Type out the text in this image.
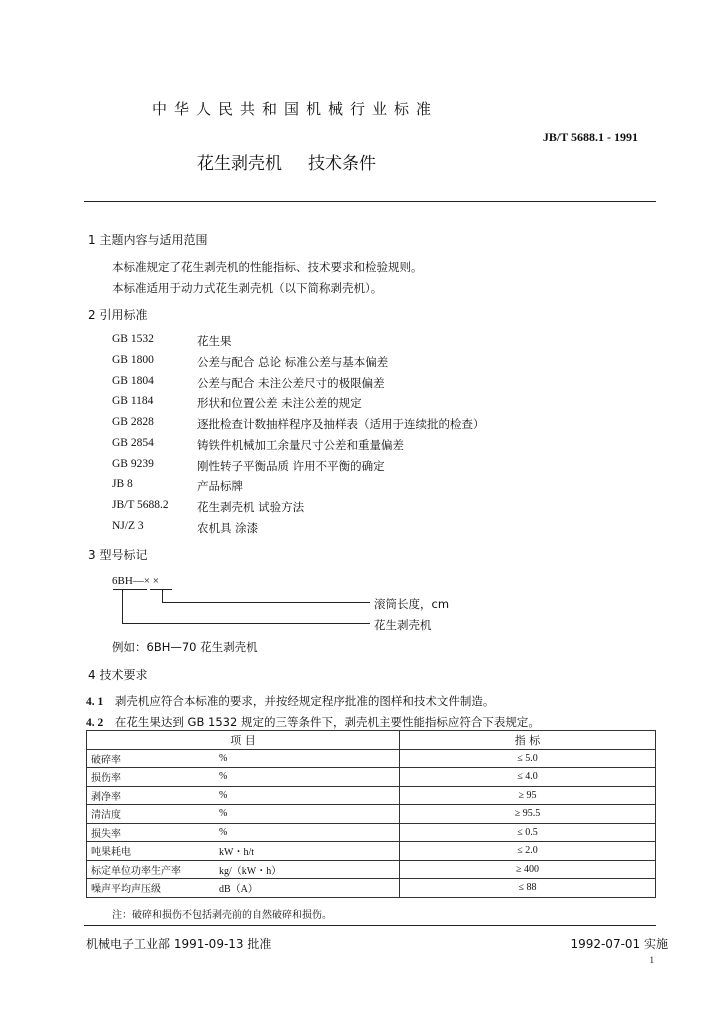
中华人民共和国机械行业标准
JB/T 5688.1 - 1991
花生剥壳机 技术条件
1 主题内容与适用范围
本标准规定了花生剥壳机的性能指标、技术要求和检验规则。
本标准适用于动力式花生剥壳机（以下简称剥壳机）。
2 引用标准
GB 1532	花生果
GB 1800	公差与配合 总论 标准公差与基本偏差
GB 1804	公差与配合 未注公差尺寸的极限偏差
GB 1184	形状和位置公差 未注公差的规定
GB 2828	逐批检查计数抽样程序及抽样表（适用于连续批的检查）
GB 2854	铸铁件机械加工余量尺寸公差和重量偏差
GB 9239	刚性转子平衡品质 许用不平衡的确定
JB 8	产品标牌
JB/T 5688.2 花生剥壳机 试验方法
NJ/Z 3	农机具 涂漆
3 型号标记
6BH—× ×
滚筒长度，cm
花生剥壳机
例如：6BH—70 花生剥壳机
4 技术要求
4. 1 剥壳机应符合本标准的要求，并按经规定程序批准的图样和技术文件制造。
4. 2 在花生果达到 GB 1532 规定的三等条件下，剥壳机主要性能指标应符合下表规定。
项 目		指 标
破碎率	%	≤ 5.0
损伤率	%	≤ 4.0
剥净率	%	≥ 95
清洁度	%	≥ 95.5
损失率	%	≤ 0.5
吨果耗电	kW・h/t	≤ 2.0
标定单位功率生产率	kg/（kW・h）	≥ 400
噪声平均声压级	dB（A）	≤ 88
注：破碎和损伤不包括剥壳前的自然破碎和损伤。
机械电子工业部 1991-09-13 批准	1992-07-01 实施
1
